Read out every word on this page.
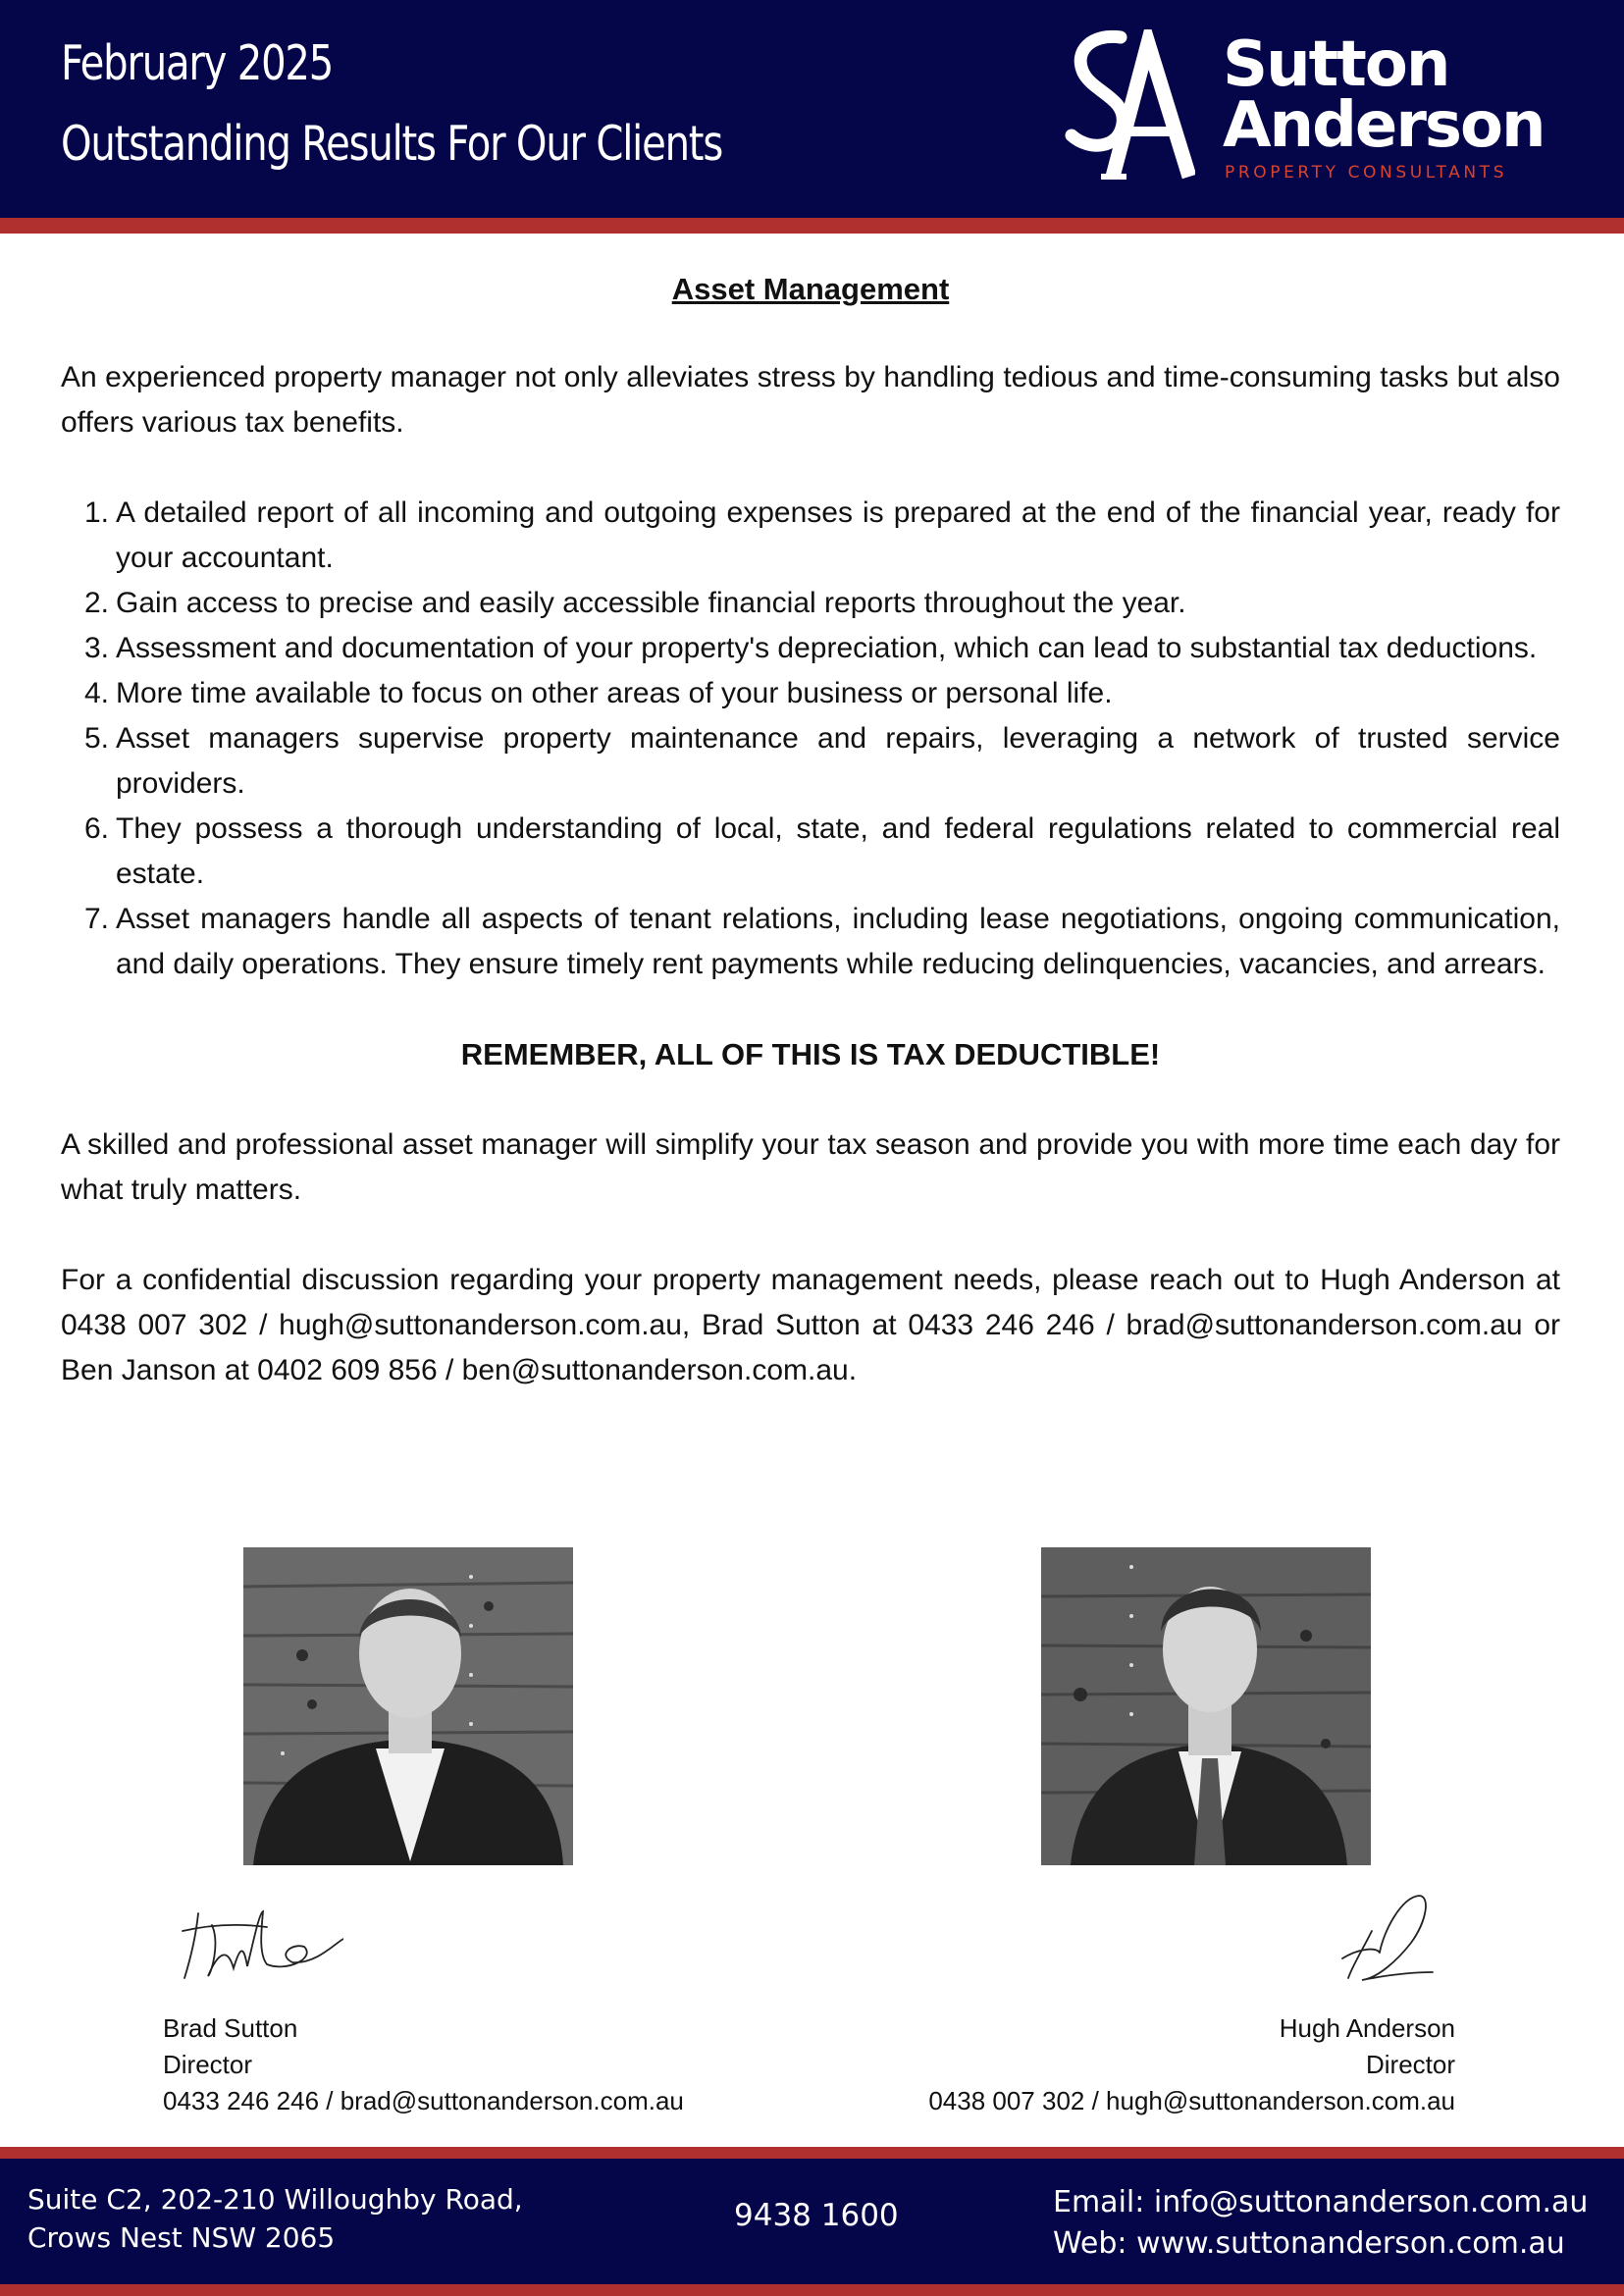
February 2025
Outstanding Results For Our Clients
Sutton
Anderson
PROPERTY CONSULTANTS
Asset Management

An experienced property manager not only alleviates stress by handling tedious and time-consuming tasks but also offers various tax benefits.

1. A detailed report of all incoming and outgoing expenses is prepared at the end of the financial year, ready for your accountant.
2. Gain access to precise and easily accessible financial reports throughout the year.
3. Assessment and documentation of your property's depreciation, which can lead to substantial tax deductions.
4. More time available to focus on other areas of your business or personal life.
5. Asset managers supervise property maintenance and repairs, leveraging a network of trusted service providers.
6. They possess a thorough understanding of local, state, and federal regulations related to commercial real estate.
7. Asset managers handle all aspects of tenant relations, including lease negotiations, ongoing communication, and daily operations. They ensure timely rent payments while reducing delinquencies, vacancies, and arrears.
REMEMBER, ALL OF THIS IS TAX DEDUCTIBLE!

A skilled and professional asset manager will simplify your tax season and provide you with more time each day for what truly matters.

For a confidential discussion regarding your property management needs, please reach out to Hugh Anderson at 0438 007 302 / hugh@suttonanderson.com.au, Brad Sutton at 0433 246 246 / brad@suttonanderson.com.au or Ben Janson at 0402 609 856 / ben@suttonanderson.com.au.

Brad Sutton
Director
0433 246 246 / brad@suttonanderson.com.au
Hugh Anderson
Director
0438 007 302 / hugh@suttonanderson.com.au
Suite C2, 202-210 Willoughby Road,
Crows Nest NSW 2065
9438 1600	Email: info@suttonanderson.com.au
Web: www.suttonanderson.com.au
